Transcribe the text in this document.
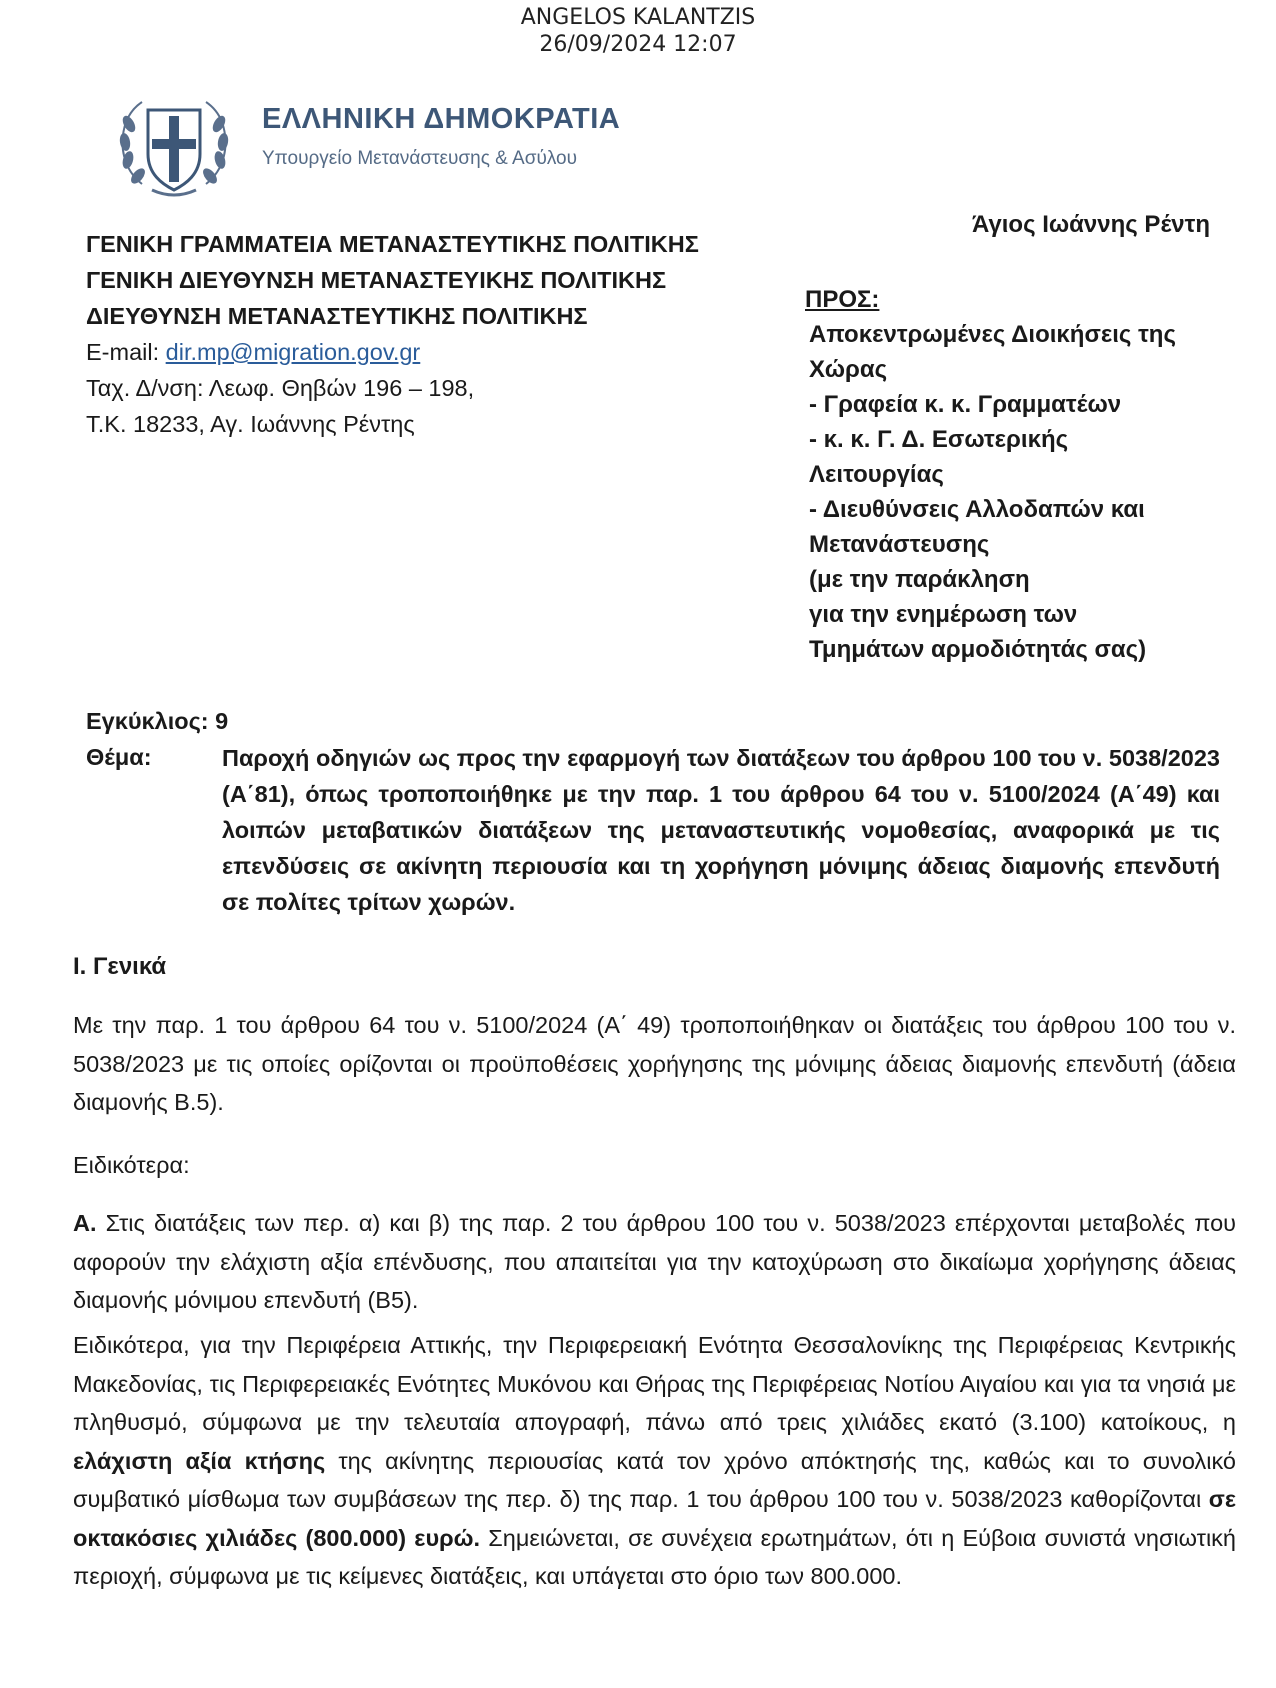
ANGELOS KALANTZIS
26/09/2024 12:07
ΕΛΛΗΝΙΚΗ ΔΗΜΟΚΡΑΤΙΑ
Υπουργείο Μετανάστευσης & Ασύλου
ΓΕΝΙΚΗ ΓΡΑΜΜΑΤΕΙΑ ΜΕΤΑΝΑΣΤΕΥΤΙΚΗΣ ΠΟΛΙΤΙΚΗΣ
ΓΕΝΙΚΗ ΔΙΕΥΘΥΝΣΗ ΜΕΤΑΝΑΣΤΕΥΙΚΗΣ ΠΟΛΙΤΙΚΗΣ
ΔΙΕΥΘΥΝΣΗ ΜΕΤΑΝΑΣΤΕΥΤΙΚΗΣ ΠΟΛΙΤΙΚΗΣ
E-mail: dir.mp@migration.gov.gr
Ταχ. Δ/νση: Λεωφ. Θηβών 196 – 198,
Τ.Κ. 18233, Αγ. Ιωάννης Ρέντης
Άγιος Ιωάννης Ρέντη
ΠΡΟΣ:
Αποκεντρωμένες Διοικήσεις της
Χώρας
- Γραφεία κ. κ. Γραμματέων
- κ. κ. Γ. Δ. Εσωτερικής
Λειτουργίας
- Διευθύνσεις Αλλοδαπών και
Μετανάστευσης
(με την παράκληση
για την ενημέρωση των
Τμημάτων αρμοδιότητάς σας)
Εγκύκλιος: 9
Θέμα:	Παροχή οδηγιών ως προς την εφαρμογή των διατάξεων του άρθρου 100 του ν. 5038/2023 (Α΄81), όπως τροποποιήθηκε με την παρ. 1 του άρθρου 64 του ν. 5100/2024 (Α΄49) και λοιπών μεταβατικών διατάξεων της μεταναστευτικής νομοθεσίας, αναφορικά με τις επενδύσεις σε ακίνητη περιουσία και τη χορήγηση μόνιμης άδειας διαμονής επενδυτή σε πολίτες τρίτων χωρών.
Ι. Γενικά
Με την παρ. 1 του άρθρου 64 του ν. 5100/2024 (Α΄ 49) τροποποιήθηκαν οι διατάξεις του άρθρου 100 του ν. 5038/2023 με τις οποίες ορίζονται οι προϋποθέσεις χορήγησης της μόνιμης άδειας διαμονής επενδυτή (άδεια διαμονής Β.5).
Ειδικότερα:
Α. Στις διατάξεις των περ. α) και β) της παρ. 2 του άρθρου 100 του ν. 5038/2023 επέρχονται μεταβολές που αφορούν την ελάχιστη αξία επένδυσης, που απαιτείται για την κατοχύρωση στο δικαίωμα χορήγησης άδειας διαμονής μόνιμου επενδυτή (Β5).
Ειδικότερα, για την Περιφέρεια Αττικής, την Περιφερειακή Ενότητα Θεσσαλονίκης της Περιφέρειας Κεντρικής Μακεδονίας, τις Περιφερειακές Ενότητες Μυκόνου και Θήρας της Περιφέρειας Νοτίου Αιγαίου και για τα νησιά με πληθυσμό, σύμφωνα με την τελευταία απογραφή, πάνω από τρεις χιλιάδες εκατό (3.100) κατοίκους, η ελάχιστη αξία κτήσης της ακίνητης περιουσίας κατά τον χρόνο απόκτησής της, καθώς και το συνολικό συμβατικό μίσθωμα των συμβάσεων της περ. δ) της παρ. 1 του άρθρου 100 του ν. 5038/2023 καθορίζονται σε οκτακόσιες χιλιάδες (800.000) ευρώ. Σημειώνεται, σε συνέχεια ερωτημάτων, ότι η Εύβοια συνιστά νησιωτική περιοχή, σύμφωνα με τις κείμενες διατάξεις, και υπάγεται στο όριο των 800.000.
